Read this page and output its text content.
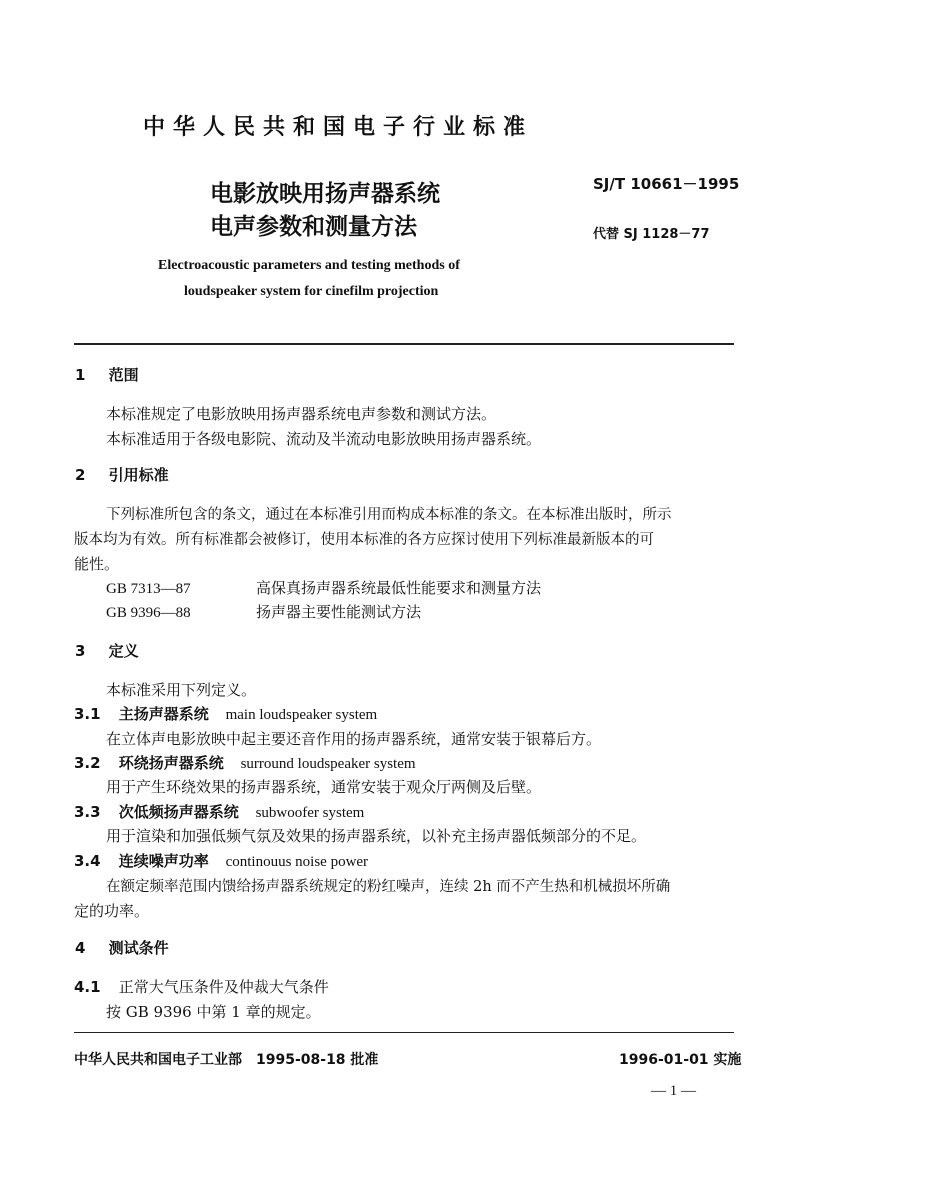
中华人民共和国电子行业标准
电影放映用扬声器系统
电声参数和测量方法
SJ/T 10661－1995
代替 SJ 1128－77
Electroacoustic parameters and testing methods of
loudspeaker system for cinefilm projection
1 范围
本标准规定了电影放映用扬声器系统电声参数和测试方法。
本标准适用于各级电影院、流动及半流动电影放映用扬声器系统。
2 引用标准
下列标准所包含的条文，通过在本标准引用而构成本标准的条文。在本标准出版时，所示
版本均为有效。所有标准都会被修订，使用本标准的各方应探讨使用下列标准最新版本的可
能性。
GB 7313—87	高保真扬声器系统最低性能要求和测量方法
GB 9396—88	扬声器主要性能测试方法
3 定义
本标准采用下列定义。
3.1 主扬声器系统 main loudspeaker system
在立体声电影放映中起主要还音作用的扬声器系统，通常安装于银幕后方。
3.2 环绕扬声器系统 surround loudspeaker system
用于产生环绕效果的扬声器系统，通常安装于观众厅两侧及后壁。
3.3 次低频扬声器系统 subwoofer system
用于渲染和加强低频气氛及效果的扬声器系统，以补充主扬声器低频部分的不足。
3.4 连续噪声功率 continouus noise power
在额定频率范围内馈给扬声器系统规定的粉红噪声，连续 2h 而不产生热和机械损坏所确
定的功率。
4 测试条件
4.1 正常大气压条件及仲裁大气条件
按 GB 9396 中第 1 章的规定。
中华人民共和国电子工业部　1995-08-18 批准	1996-01-01 实施
— 1 —
